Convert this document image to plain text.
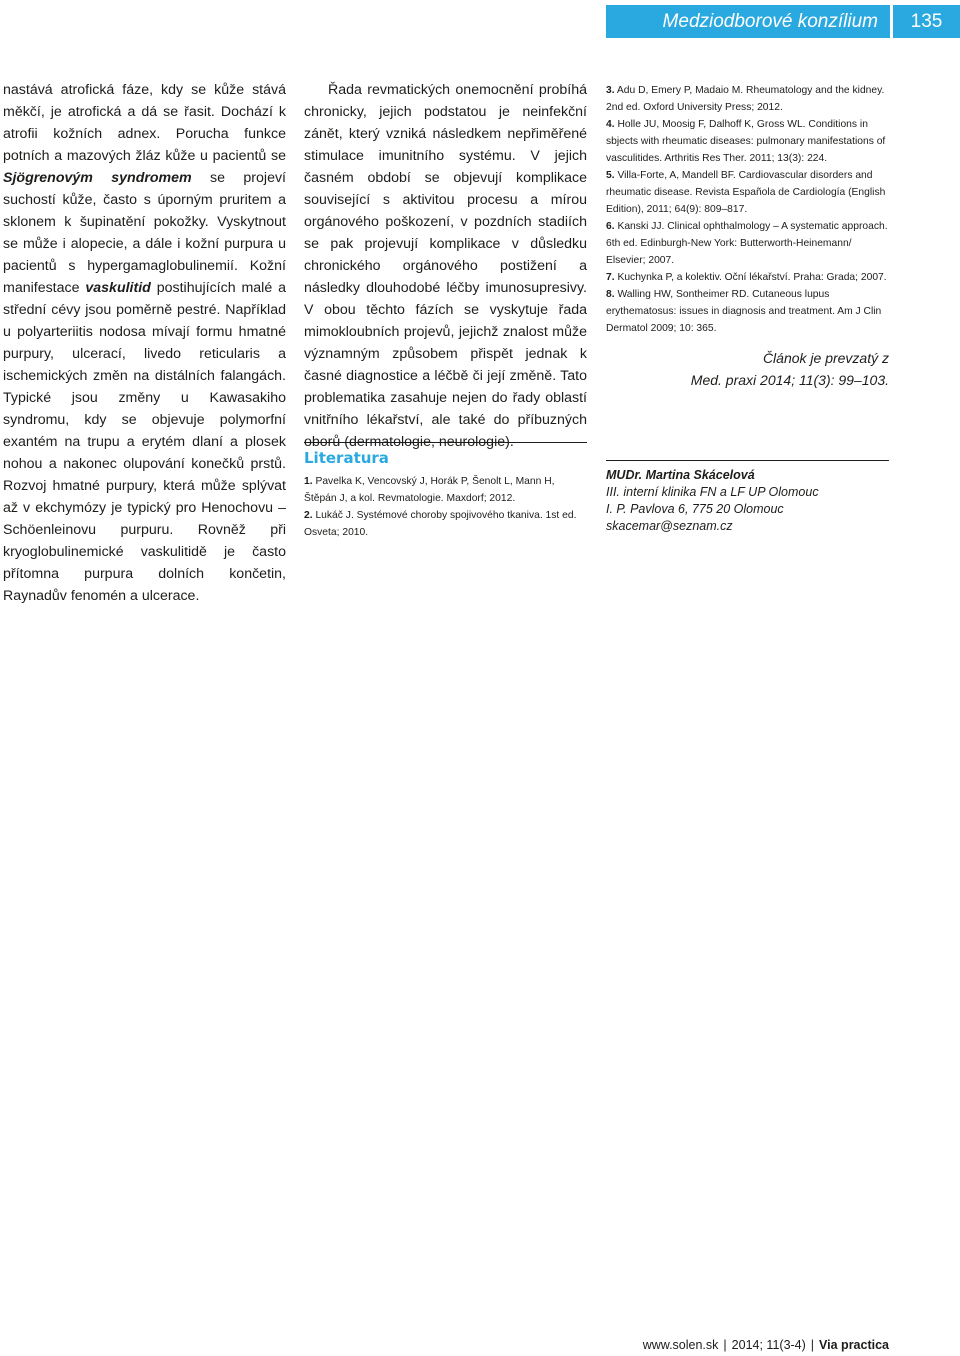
Medziodborové konzílium	135

nastává atrofická fáze, kdy se kůže stává měkčí, je atrofická a dá se řasit. Dochází k atrofii kožních adnex. Porucha funkce potních a mazových žláz kůže u pacientů se Sjögrenovým syndromem se projeví suchostí kůže, často s úporným pruritem a sklonem k šupinatění pokožky. Vyskytnout se může i alopecie, a dále i kožní purpura u pacientů s hypergamaglobulinemií. Kožní manifestace vaskulitid postihujících malé a střední cévy jsou poměrně pestré. Například u polyarteriitis nodosa mívají formu hmatné purpury, ulcerací, livedo reticularis a ischemických změn na distálních falangách. Typické jsou změny u Kawasakiho syndromu, kdy se objevuje polymorfní exantém na trupu a erytém dlaní a plosek nohou a nakonec olupování konečků prstů. Rozvoj hmatné purpury, která může splývat až v ekchymózy je typický pro Henochovu – Schöenleinovu purpuru. Rovněž při kryoglobulinemické vaskulitidě je často přítomna purpura dolních končetin, Raynadův fenomén a ulcerace.

Řada revmatických onemocnění probíhá chronicky, jejich podstatou je neinfekční zánět, který vzniká následkem nepřiměřené stimulace imunitního systému. V jejich časném období se objevují komplikace související s aktivitou procesu a mírou orgánového poškození, v pozdních stadiích se pak projevují komplikace v důsledku chronického orgánového postižení a následky dlouhodobé léčby imunosupresivy. V obou těchto fázích se vyskytuje řada mimokloubních projevů, jejichž znalost může významným způsobem přispět jednak k časné diagnostice a léčbě či její změně. Tato problematika zasahuje nejen do řady oblastí vnitřního lékařství, ale také do příbuzných oborů (dermatologie, neurologie).

Literatura

1. Pavelka K, Vencovský J, Horák P, Šenolt L, Mann H, Štěpán J, a kol. Revmatologie. Maxdorf; 2012.

2. Lukáč J. Systémové choroby spojivového tkaniva. 1st ed. Osveta; 2010.

3. Adu D, Emery P, Madaio M. Rheumatology and the kidney. 2nd ed. Oxford University Press; 2012.

4. Holle JU, Moosig F, Dalhoff K, Gross WL. Conditions in sbjects with rheumatic diseases: pulmonary manifestations of vasculitides. Arthritis Res Ther. 2011; 13(3): 224.

5. Villa-Forte, A, Mandell BF. Cardiovascular disorders and rheumatic disease. Revista Española de Cardiología (English Edition), 2011; 64(9): 809–817.

6. Kanski JJ. Clinical ophthalmology – A systematic approach. 6th ed. Edinburgh-New York: Butterworth-Heinemann/ Elsevier; 2007.

7. Kuchynka P, a kolektiv. Oční lékařství. Praha: Grada; 2007.

8. Walling HW, Sontheimer RD. Cutaneous lupus erythematosus: issues in diagnosis and treatment. Am J Clin Dermatol 2009; 10: 365.

Článok je prevzatý z

Med. praxi 2014; 11(3): 99–103.

MUDr. Martina Skácelová

III. interní klinika FN a LF UP Olomouc

I. P. Pavlova 6, 775 20 Olomouc

skacemar@seznam.cz

www.solen.sk | 2014; 11(3-4) | Via practica
